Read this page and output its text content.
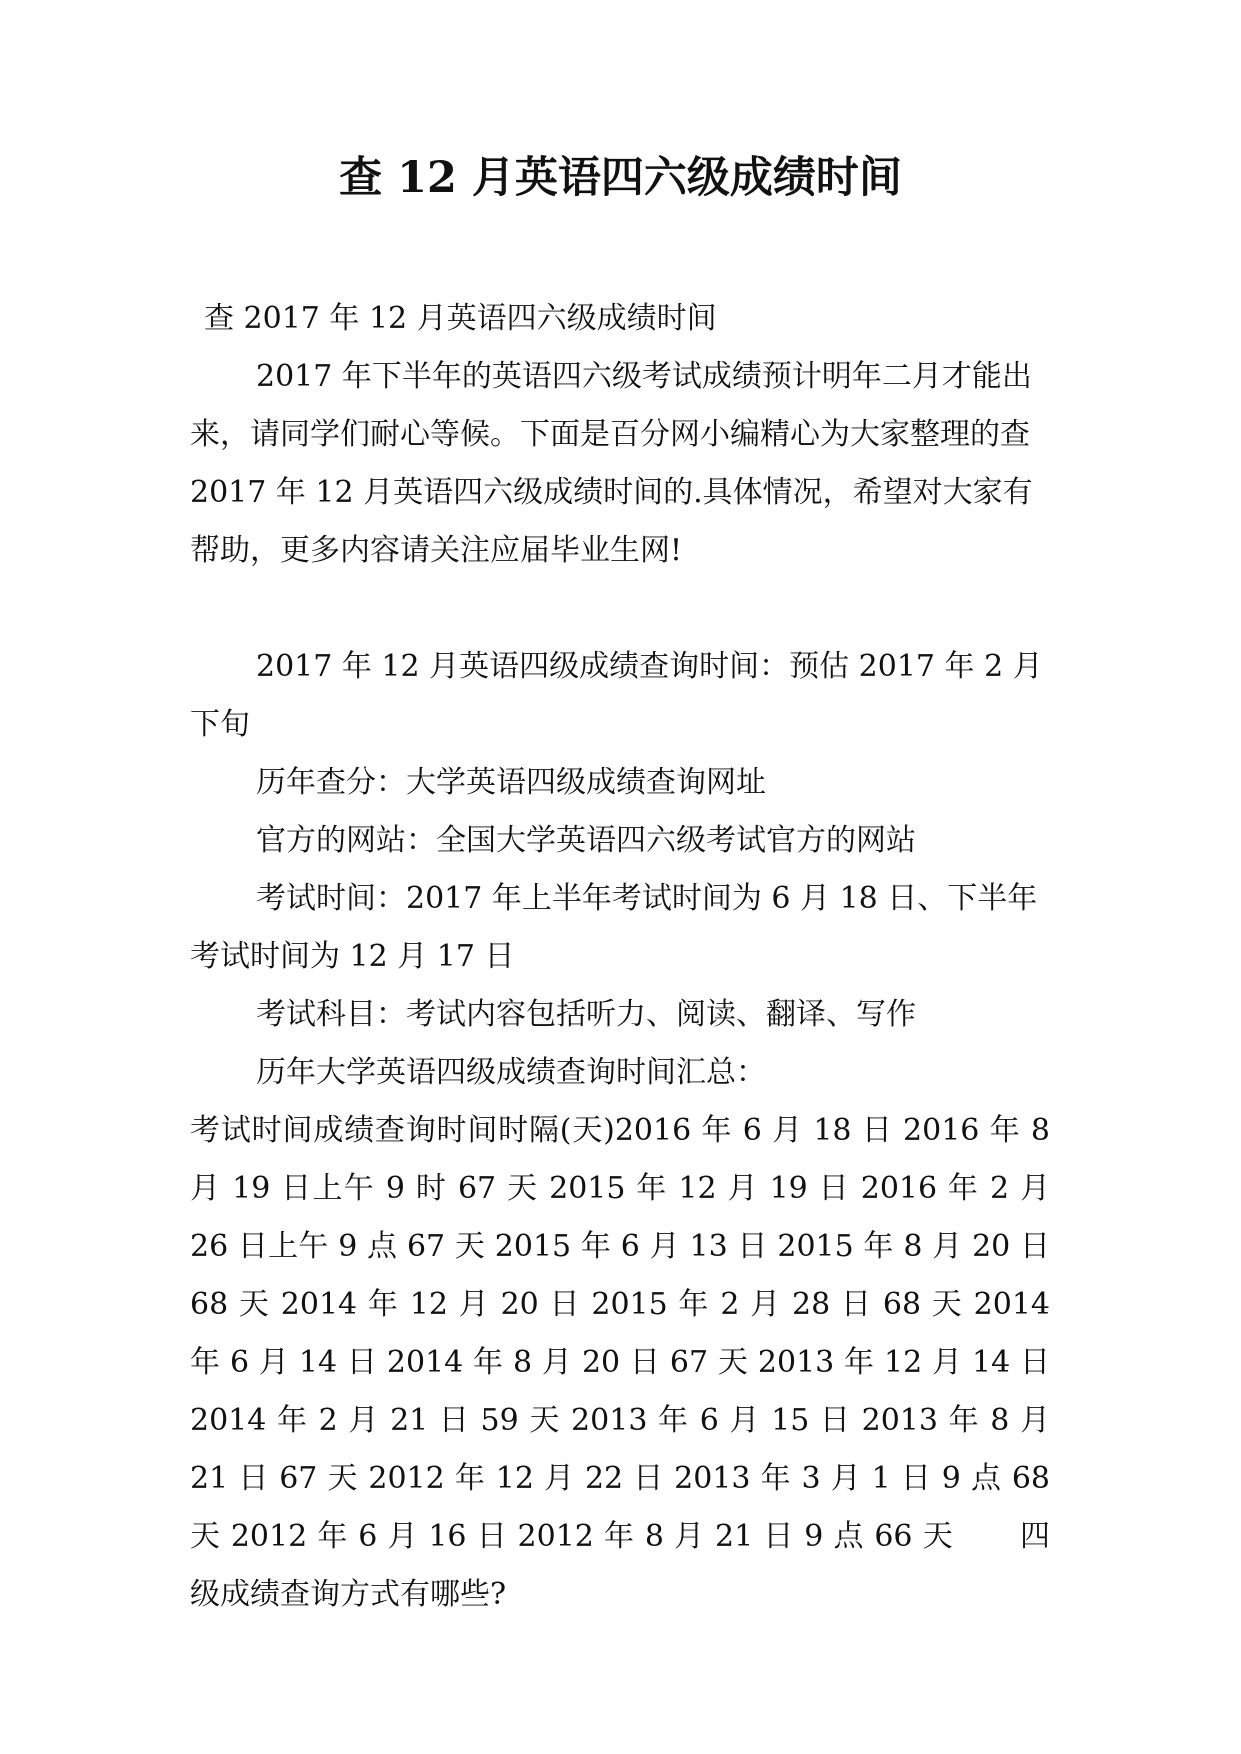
查 12 月英语四六级成绩时间

查 2017 年 12 月英语四六级成绩时间

2017 年下半年的英语四六级考试成绩预计明年二月才能出来，请同学们耐心等候。下面是百分网小编精心为大家整理的查 2017 年 12 月英语四六级成绩时间的.具体情况，希望对大家有帮助，更多内容请关注应届毕业生网!

2017 年 12 月英语四级成绩查询时间：预估 2017 年 2 月下旬

历年查分：大学英语四级成绩查询网址

官方的网站：全国大学英语四六级考试官方的网站

考试时间：2017 年上半年考试时间为 6 月 18 日、下半年考试时间为 12 月 17 日

考试科目：考试内容包括听力、阅读、翻译、写作

历年大学英语四级成绩查询时间汇总：

考试时间成绩查询时间时隔(天)2016 年 6 月 18 日 2016 年 8 月 19 日上午 9 时 67 天 2015 年 12 月 19 日 2016 年 2 月 26 日上午 9 点 67 天 2015 年 6 月 13 日 2015 年 8 月 20 日 68 天 2014 年 12 月 20 日 2015 年 2 月 28 日 68 天 2014 年 6 月 14 日 2014 年 8 月 20 日 67 天 2013 年 12 月 14 日 2014 年 2 月 21 日 59 天 2013 年 6 月 15 日 2013 年 8 月 21 日 67 天 2012 年 12 月 22 日 2013 年 3 月 1 日 9 点 68 天 2012 年 6 月 16 日 2012 年 8 月 21 日 9 点 66 天 四级成绩查询方式有哪些?
